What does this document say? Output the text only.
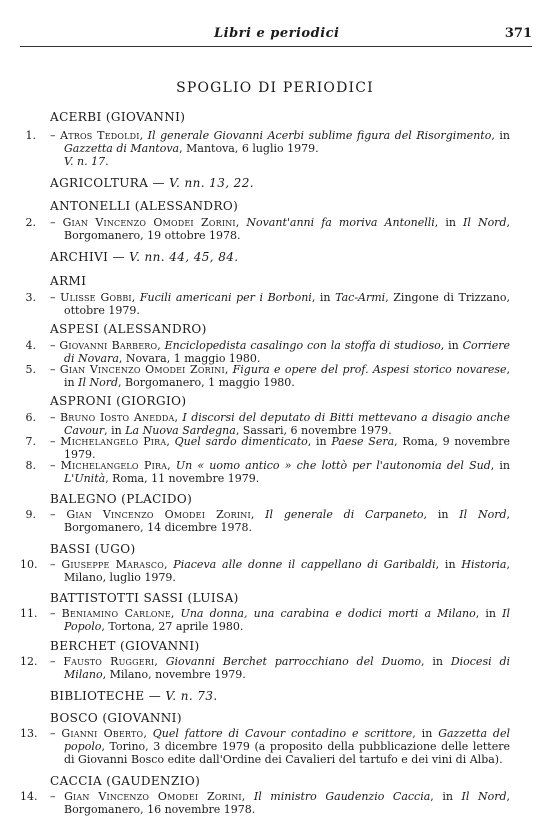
Libri e periodici	371
SPOGLIO DI PERIODICI
ACERBI (GIOVANNI)
1. – Atros Tedoldi, Il generale Giovanni Acerbi sublime figura del Risorgimento, in Gazzetta di Mantova, Mantova, 6 luglio 1979.
V. n. 17.
AGRICOLTURA — V. nn. 13, 22.
ANTONELLI (ALESSANDRO)
2. – Gian Vincenzo Omodei Zorini, Novant'anni fa moriva Antonelli, in Il Nord, Borgomanero, 19 ottobre 1978.
ARCHIVI — V. nn. 44, 45, 84.
ARMI
3. – Ulisse Gobbi, Fucili americani per i Borboni, in Tac-Armi, Zingone di Trizzano, ottobre 1979.
ASPESI (ALESSANDRO)
4. – Giovanni Barbero, Enciclopedista casalingo con la stoffa di studioso, in Corriere di Novara, Novara, 1 maggio 1980.
5. – Gian Vincenzo Omodei Zorini, Figura e opere del prof. Aspesi storico novarese, in Il Nord, Borgomanero, 1 maggio 1980.
ASPRONI (GIORGIO)
6. – Bruno Iosto Anedda, I discorsi del deputato di Bitti mettevano a disagio anche Cavour, in La Nuova Sardegna, Sassari, 6 novembre 1979.
7. – Michelangelo Pira, Quel sardo dimenticato, in Paese Sera, Roma, 9 novembre 1979.
8. – Michelangelo Pira, Un « uomo antico » che lottò per l'autonomia del Sud, in L'Unità, Roma, 11 novembre 1979.
BALEGNO (PLACIDO)
9. – Gian Vincenzo Omodei Zorini, Il generale di Carpaneto, in Il Nord, Borgomanero, 14 dicembre 1978.
BASSI (UGO)
10. – Giuseppe Marasco, Piaceva alle donne il cappellano di Garibaldi, in Historia, Milano, luglio 1979.
BATTISTOTTI SASSI (LUISA)
11. – Beniamino Carlone, Una donna, una carabina e dodici morti a Milano, in Il Popolo, Tortona, 27 aprile 1980.
BERCHET (GIOVANNI)
12. – Fausto Ruggeri, Giovanni Berchet parrocchiano del Duomo, in Diocesi di Milano, Milano, novembre 1979.
BIBLIOTECHE — V. n. 73.
BOSCO (GIOVANNI)
13. – Gianni Oberto, Quel fattore di Cavour contadino e scrittore, in Gazzetta del popolo, Torino, 3 dicembre 1979 (a proposito della pubblicazione delle lettere di Giovanni Bosco edite dall'Ordine dei Cavalieri del tartufo e dei vini di Alba).
CACCIA (GAUDENZIO)
14. – Gian Vincenzo Omodei Zorini, Il ministro Gaudenzio Caccia, in Il Nord, Borgomanero, 16 novembre 1978.
